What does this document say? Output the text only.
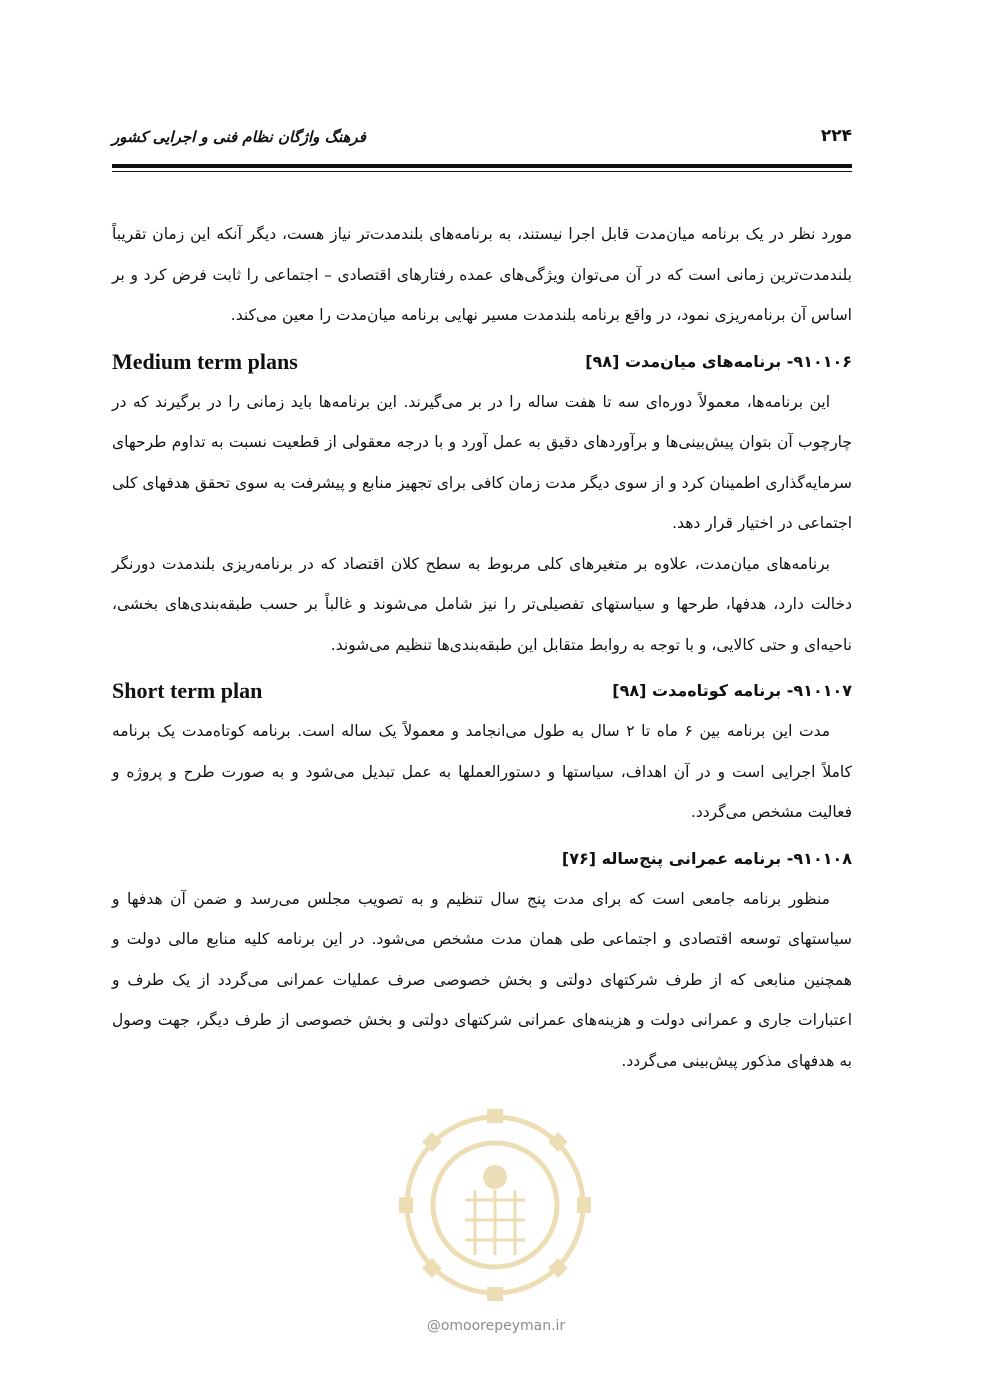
۲۲۴
فرهنگ واژگان نظام فنی و اجرایی کشور

مورد نظر در یک برنامه میان‌مدت قابل اجرا نیستند، به برنامه‌های بلندمدت‌تر نیاز هست، دیگر آنکه این زمان تقریباً بلندمدت‌ترین زمانی است که در آن می‌توان ویژگی‌های عمده رفتارهای اقتصادی – اجتماعی را ثابت فرض کرد و بر اساس آن برنامه‌ریزی نمود، در واقع برنامه بلندمدت مسیر نهایی برنامه میان‌مدت را معین می‌کند.

۹۱۰۱۰۶- برنامه‌های میان‌مدت [۹۸]
Medium term plans

این برنامه‌ها، معمولاً دوره‌ای سه تا هفت ساله را در بر می‌گیرند. این برنامه‌ها باید زمانی را در برگیرند که در چارچوب آن بتوان پیش‌بینی‌ها و برآوردهای دقیق به عمل آورد و با درجه معقولی از قطعیت نسبت به تداوم طرحهای سرمایه‌گذاری اطمینان کرد و از سوی دیگر مدت زمان کافی برای تجهیز منابع و پیشرفت به سوی تحقق هدفهای کلی اجتماعی در اختیار قرار دهد.

برنامه‌های میان‌مدت، علاوه بر متغیرهای کلی مربوط به سطح کلان اقتصاد که در برنامه‌ریزی بلندمدت دورنگر دخالت دارد، هدفها، طرحها و سیاستهای تفصیلی‌تر را نیز شامل می‌شوند و غالباً بر حسب طبقه‌بندی‌های بخشی، ناحیه‌ای و حتی کالایی، و با توجه به روابط متقابل این طبقه‌بندی‌ها تنظیم می‌شوند.

۹۱۰۱۰۷- برنامه کوتاه‌مدت [۹۸]
Short term plan

مدت این برنامه بین ۶ ماه تا ۲ سال به طول می‌انجامد و معمولاً یک ساله است. برنامه کوتاه‌مدت یک برنامه کاملاً اجرایی است و در آن اهداف، سیاستها و دستورالعملها به عمل تبدیل می‌شود و به صورت طرح و پروژه و فعالیت مشخص می‌گردد.

۹۱۰۱۰۸- برنامه عمرانی پنج‌ساله [۷۶]

منظور برنامه جامعی است که برای مدت پنج سال تنظیم و به تصویب مجلس می‌رسد و ضمن آن هدفها و سیاستهای توسعه اقتصادی و اجتماعی طی همان مدت مشخص می‌شود. در این برنامه کلیه منابع مالی دولت و همچنین منابعی که از طرف شرکتهای دولتی و بخش خصوصی صرف عملیات عمرانی می‌گردد از یک طرف و اعتبارات جاری و عمرانی دولت و هزینه‌های عمرانی شرکتهای دولتی و بخش خصوصی از طرف دیگر، جهت وصول به هدفهای مذکور پیش‌بینی می‌گردد.

@omoorepeyman.ir
